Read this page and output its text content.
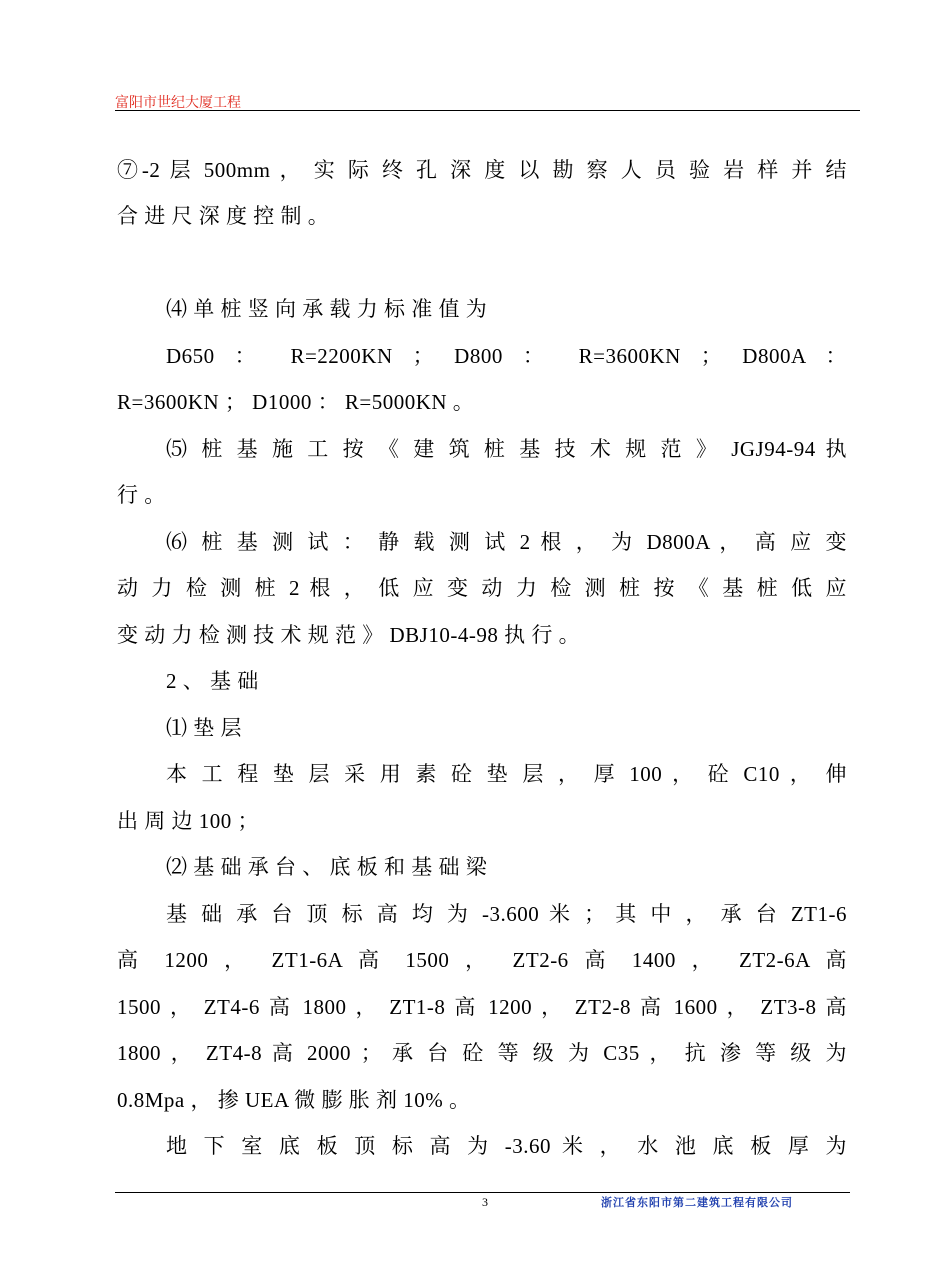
富阳市世纪大厦工程
⑦-2 层 500mm ， 实 际 终 孔 深 度 以 勘 察 人 员 验 岩 样 并 结
合 进 尺 深 度 控 制 。
⑷ 单 桩 竖 向 承 载 力 标 准 值 为
D650 ： R=2200KN ； D800 ： R=3600KN ； D800A ：
R=3600KN ； D1000 ： R=5000KN 。
⑸ 桩 基 施 工 按 《 建 筑 桩 基 技 术 规 范 》 JGJ94-94 执
行 。
⑹ 桩 基 测 试 ： 静 载 测 试 2 根 ， 为 D800A ， 高 应 变
动 力 检 测 桩 2 根 ， 低 应 变 动 力 检 测 桩 按 《 基 桩 低 应
变 动 力 检 测 技 术 规 范 》 DBJ10-4-98 执 行 。
2 、 基 础
⑴ 垫 层
本 工 程 垫 层 采 用 素 砼 垫 层 ， 厚 100 ， 砼 C10 ， 伸
出 周 边 100 ；
⑵ 基 础 承 台 、 底 板 和 基 础 梁
基 础 承 台 顶 标 高 均 为 -3.600 米 ； 其 中 ， 承 台 ZT1-6
高 1200 ， ZT1-6A 高 1500 ， ZT2-6 高 1400 ， ZT2-6A 高
1500 ， ZT4-6 高 1800 ， ZT1-8 高 1200 ， ZT2-8 高 1600 ， ZT3-8 高
1800 ， ZT4-8 高 2000 ； 承 台 砼 等 级 为 C35 ， 抗 渗 等 级 为
0.8Mpa ， 掺 UEA 微 膨 胀 剂 10% 。
地 下 室 底 板 顶 标 高 为 -3.60 米 ， 水 池 底 板 厚 为
3	浙江省东阳市第二建筑工程有限公司
